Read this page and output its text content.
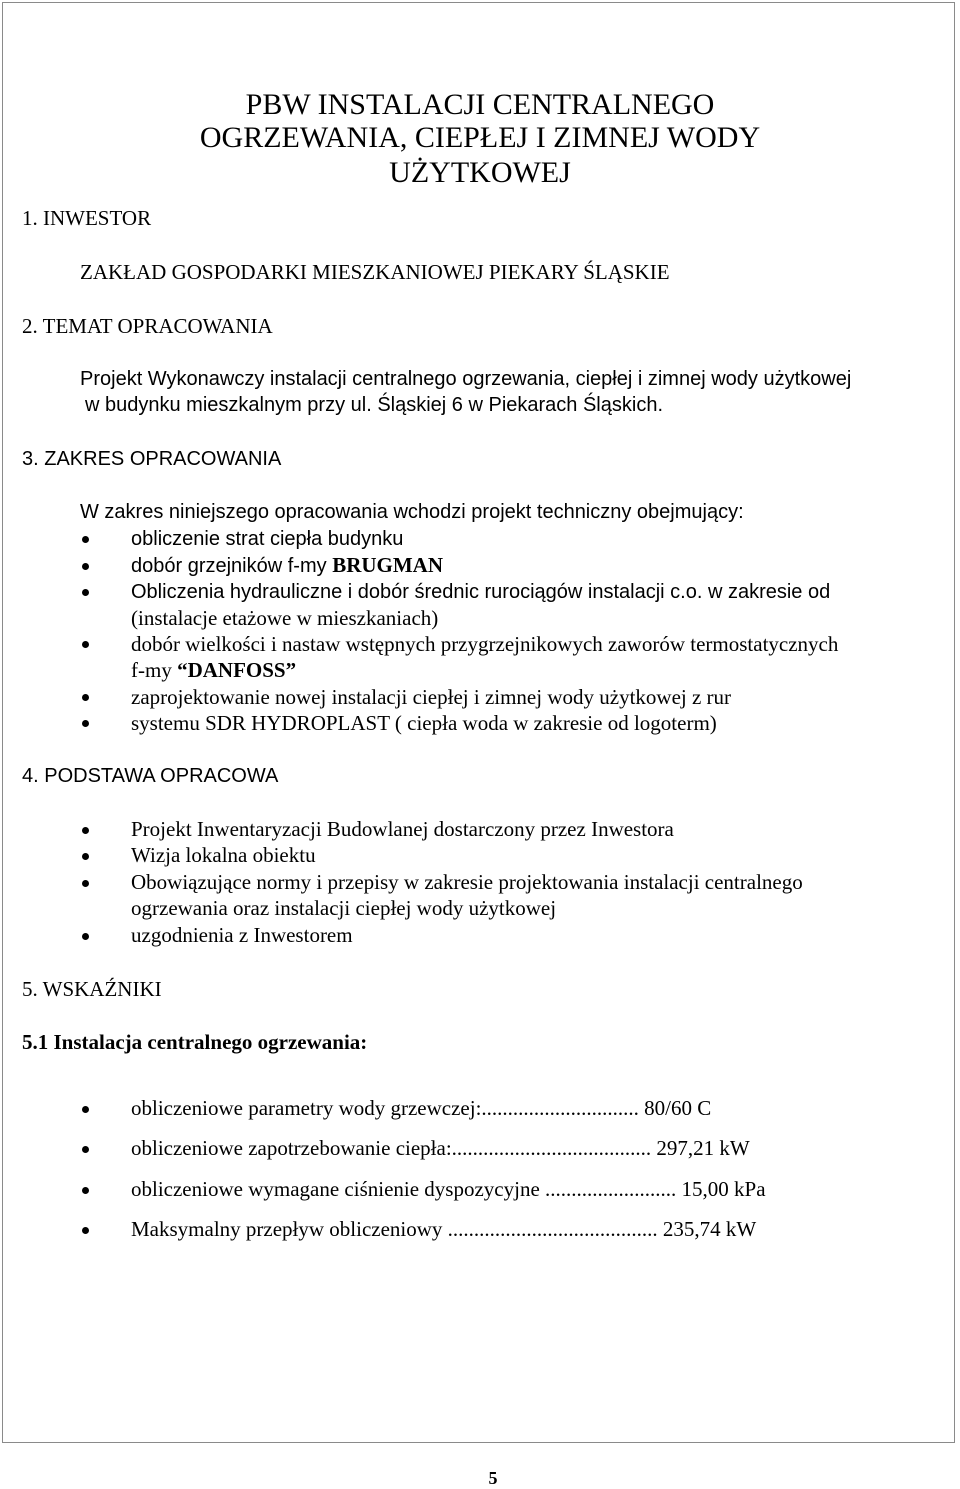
PBW INSTALACJI CENTRALNEGO
OGRZEWANIA, CIEPŁEJ I ZIMNEJ WODY
UŻYTKOWEJ
1. INWESTOR
ZAKŁAD GOSPODARKI MIESZKANIOWEJ PIEKARY ŚLĄSKIE
2. TEMAT OPRACOWANIA
Projekt Wykonawczy instalacji centralnego ogrzewania, ciepłej i zimnej wody użytkowej
w budynku mieszkalnym przy ul. Śląskiej 6 w Piekarach Śląskich.
3. ZAKRES OPRACOWANIA
W zakres niniejszego opracowania wchodzi projekt techniczny obejmujący:
obliczenie strat ciepła budynku
dobór grzejników f-my BRUGMAN
Obliczenia hydrauliczne i dobór średnic rurociągów instalacji c.o. w zakresie od
(instalacje etażowe w mieszkaniach)
dobór wielkości i nastaw wstępnych przygrzejnikowych zaworów termostatycznych
f-my “DANFOSS”
zaprojektowanie nowej instalacji ciepłej i zimnej wody użytkowej z rur
systemu SDR HYDROPLAST ( ciepła woda w zakresie od logoterm)
4. PODSTAWA OPRACOWA
Projekt Inwentaryzacji Budowlanej dostarczony przez Inwestora
Wizja lokalna obiektu
Obowiązujące normy i przepisy w zakresie projektowania instalacji centralnego
ogrzewania oraz instalacji ciepłej wody użytkowej
uzgodnienia z Inwestorem
5. WSKAŹNIKI
5.1 Instalacja centralnego ogrzewania:
obliczeniowe parametry wody grzewczej:.............................. 80/60 C
obliczeniowe zapotrzebowanie ciepła:...................................... 297,21 kW
obliczeniowe wymagane ciśnienie dyspozycyjne ......................... 15,00 kPa
Maksymalny przepływ obliczeniowy ........................................ 235,74 kW
5
